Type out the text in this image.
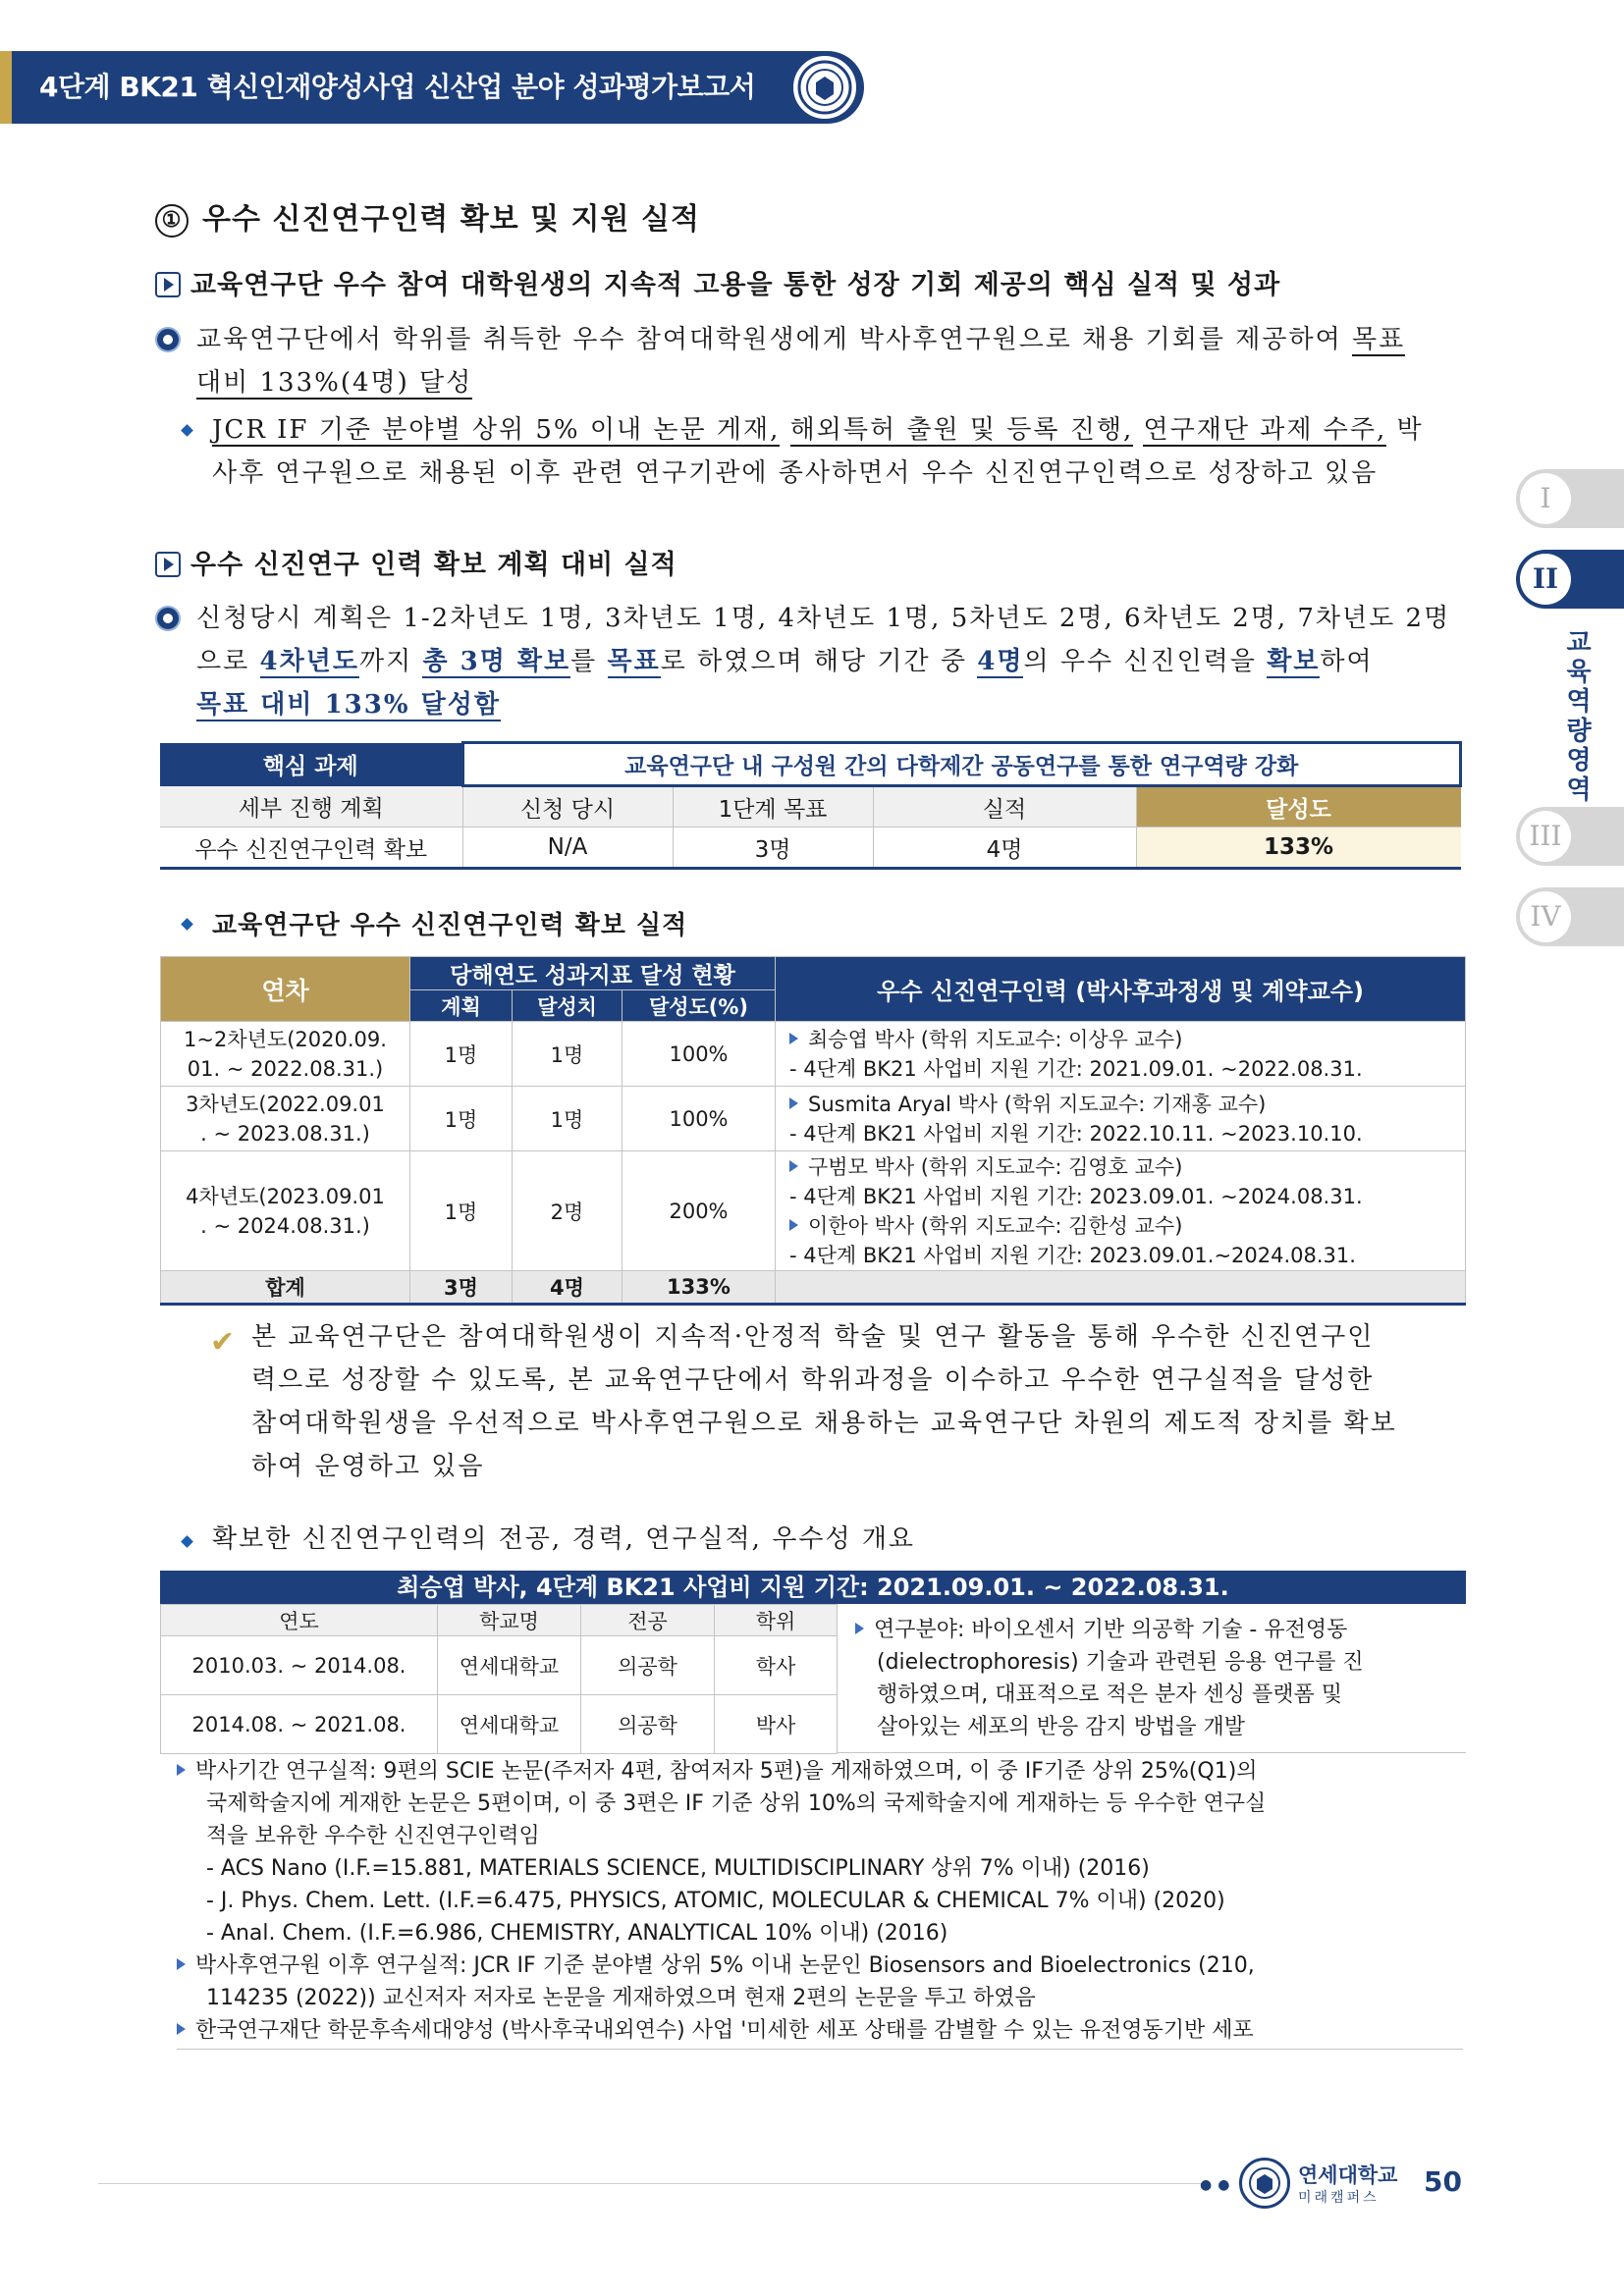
4단계 BK21 혁신인재양성사업 신산업 분야 성과평가보고서
I
II
교
육
역
량
영
역
III
IV
① 우수 신진연구인력 확보 및 지원 실적
교육연구단 우수 참여 대학원생의 지속적 고용을 통한 성장 기회 제공의 핵심 실적 및 성과
교육연구단에서 학위를 취득한 우수 참여대학원생에게 박사후연구원으로 채용 기회를 제공하여 목표
대비 133%(4명) 달성
JCR IF 기준 분야별 상위 5% 이내 논문 게재, 해외특허 출원 및 등록 진행, 연구재단 과제 수주, 박
사후 연구원으로 채용된 이후 관련 연구기관에 종사하면서 우수 신진연구인력으로 성장하고 있음
우수 신진연구 인력 확보 계획 대비 실적
신청당시 계획은 1-2차년도 1명, 3차년도 1명, 4차년도 1명, 5차년도 2명, 6차년도 2명, 7차년도 2명
으로 4차년도까지 총 3명 확보를 목표로 하였으며 해당 기간 중 4명의 우수 신진인력을 확보하여
목표 대비 133% 달성함
핵심 과제	교육연구단 내 구성원 간의 다학제간 공동연구를 통한 연구역량 강화			
세부 진행 계획	신청 당시	1단계 목표	실적	달성도
우수 신진연구인력 확보	N/A	3명	4명	133%
교육연구단 우수 신진연구인력 확보 실적
연차	당해연도 성과지표 달성 현황			우수 신진연구인력 (박사후과정생 및 계약교수)
	계획	달성치	달성도(%)	
1~2차년도(2020.09.
01. ~ 2022.08.31.)	1명	1명	100%	최승엽 박사 (학위 지도교수: 이상우 교수)
- 4단계 BK21 사업비 지원 기간: 2021.09.01. ~2022.08.31.
3차년도(2022.09.01
. ~ 2023.08.31.)	1명	1명	100%	Susmita Aryal 박사 (학위 지도교수: 기재홍 교수)
- 4단계 BK21 사업비 지원 기간: 2022.10.11. ~2023.10.10.
4차년도(2023.09.01
. ~ 2024.08.31.)	1명	2명	200%	구범모 박사 (학위 지도교수: 김영호 교수)
- 4단계 BK21 사업비 지원 기간: 2023.09.01. ~2024.08.31.
이한아 박사 (학위 지도교수: 김한성 교수)
- 4단계 BK21 사업비 지원 기간: 2023.09.01.~2024.08.31.
합계	3명	4명	133%	
✔ 본 교육연구단은 참여대학원생이 지속적·안정적 학술 및 연구 활동을 통해 우수한 신진연구인
력으로 성장할 수 있도록, 본 교육연구단에서 학위과정을 이수하고 우수한 연구실적을 달성한
참여대학원생을 우선적으로 박사후연구원으로 채용하는 교육연구단 차원의 제도적 장치를 확보
하여 운영하고 있음
확보한 신진연구인력의 전공, 경력, 연구실적, 우수성 개요
최승엽 박사, 4단계 BK21 사업비 지원 기간: 2021.09.01. ~ 2022.08.31.
연도	학교명	전공	학위
2010.03. ~ 2014.08.	연세대학교	의공학	학사
2014.08. ~ 2021.08.	연세대학교	의공학	박사
연구분야: 바이오센서 기반 의공학 기술 - 유전영동
(dielectrophoresis) 기술과 관련된 응용 연구를 진
행하였으며, 대표적으로 적은 분자 센싱 플랫폼 및
살아있는 세포의 반응 감지 방법을 개발
박사기간 연구실적: 9편의 SCIE 논문(주저자 4편, 참여저자 5편)을 게재하였으며, 이 중 IF기준 상위 25%(Q1)의
국제학술지에 게재한 논문은 5편이며, 이 중 3편은 IF 기준 상위 10%의 국제학술지에 게재하는 등 우수한 연구실
적을 보유한 우수한 신진연구인력임
- ACS Nano (I.F.=15.881, MATERIALS SCIENCE, MULTIDISCIPLINARY 상위 7% 이내) (2016)
- J. Phys. Chem. Lett. (I.F.=6.475, PHYSICS, ATOMIC, MOLECULAR & CHEMICAL 7% 이내) (2020)
- Anal. Chem. (I.F.=6.986, CHEMISTRY, ANALYTICAL 10% 이내) (2016)
박사후연구원 이후 연구실적: JCR IF 기준 분야별 상위 5% 이내 논문인 Biosensors and Bioelectronics (210,
114235 (2022)) 교신저자 저자로 논문을 게재하였으며 현재 2편의 논문을 투고 하였음
한국연구재단 학문후속세대양성 (박사후국내외연수) 사업 '미세한 세포 상태를 감별할 수 있는 유전영동기반 세포
●●	연세대학교
미래캠퍼스 50
